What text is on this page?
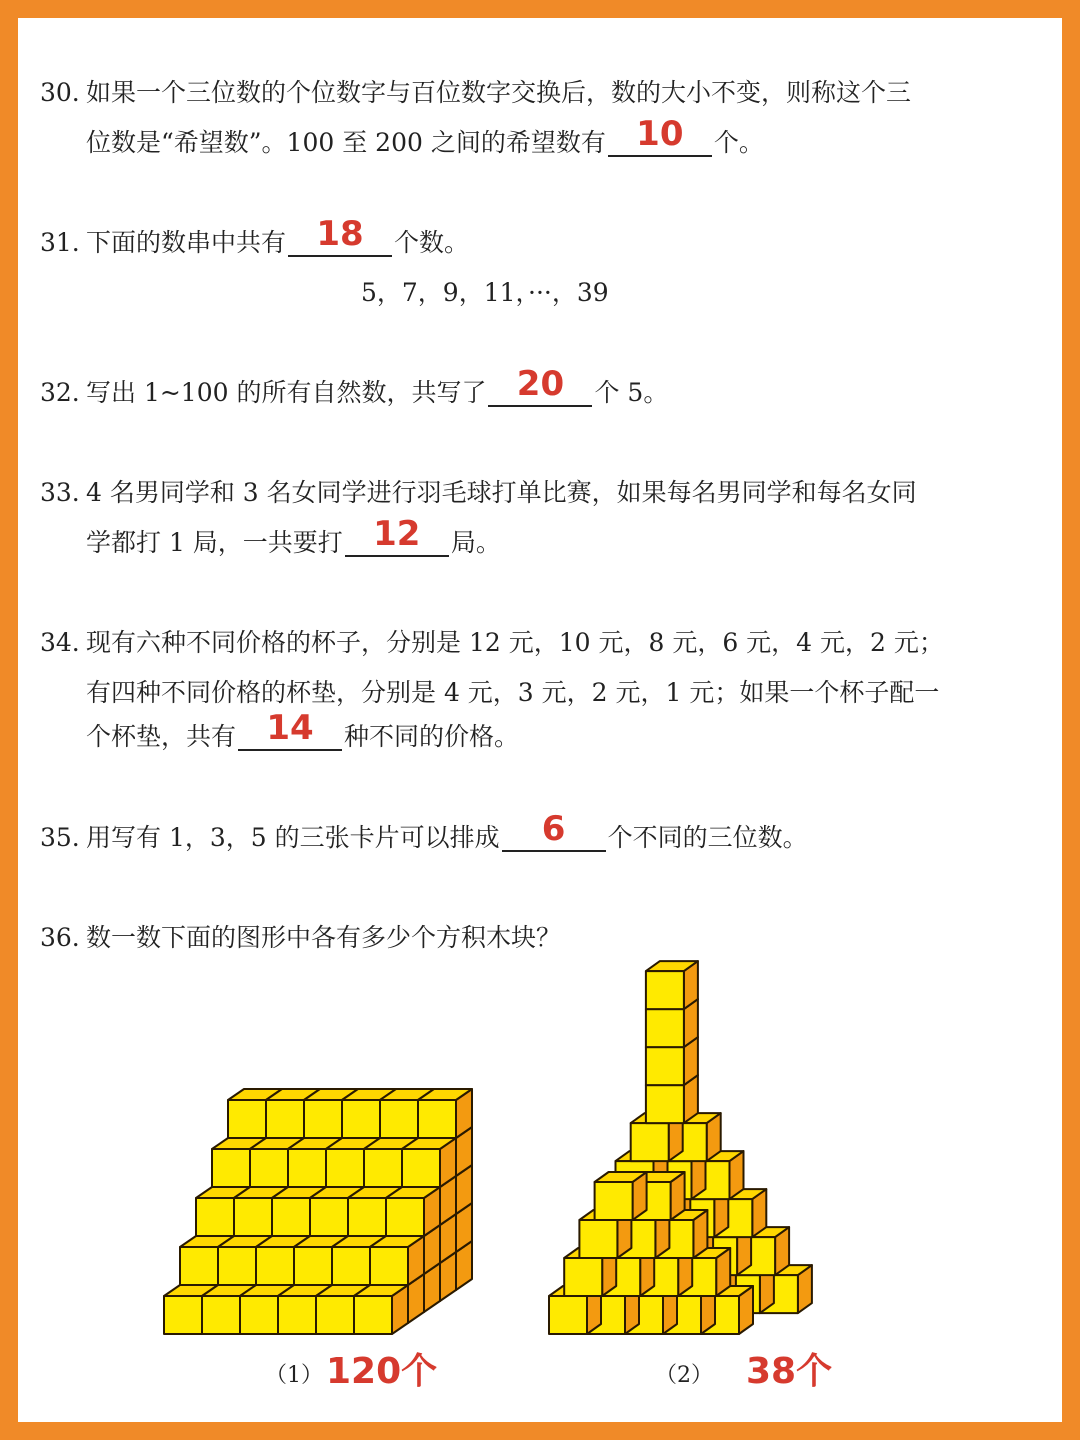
30. 如果一个三位数的个位数字与百位数字交换后，数的大小不变，则称这个三
位数是“希望数”。100 至 200 之间的希望数有 10	个。
31. 下面的数串中共有 18	个数。
5，7，9，11，···，39
32. 写出 1~100 的所有自然数，共写了 20	个 5。
33. 4 名男同学和 3 名女同学进行羽毛球打单比赛，如果每名男同学和每名女同
学都打 1 局，一共要打 12	局。
34. 现有六种不同价格的杯子，分别是 12 元，10 元，8 元，6 元，4 元，2 元；
有四种不同价格的杯垫，分别是 4 元，3 元，2 元，1 元；如果一个杯子配一
个杯垫，共有 14	种不同的价格。
35. 用写有 1，3，5 的三张卡片可以排成	6	个不同的三位数。
36. 数一数下面的图形中各有多少个方积木块？
（1） 120个	（2） 38个
